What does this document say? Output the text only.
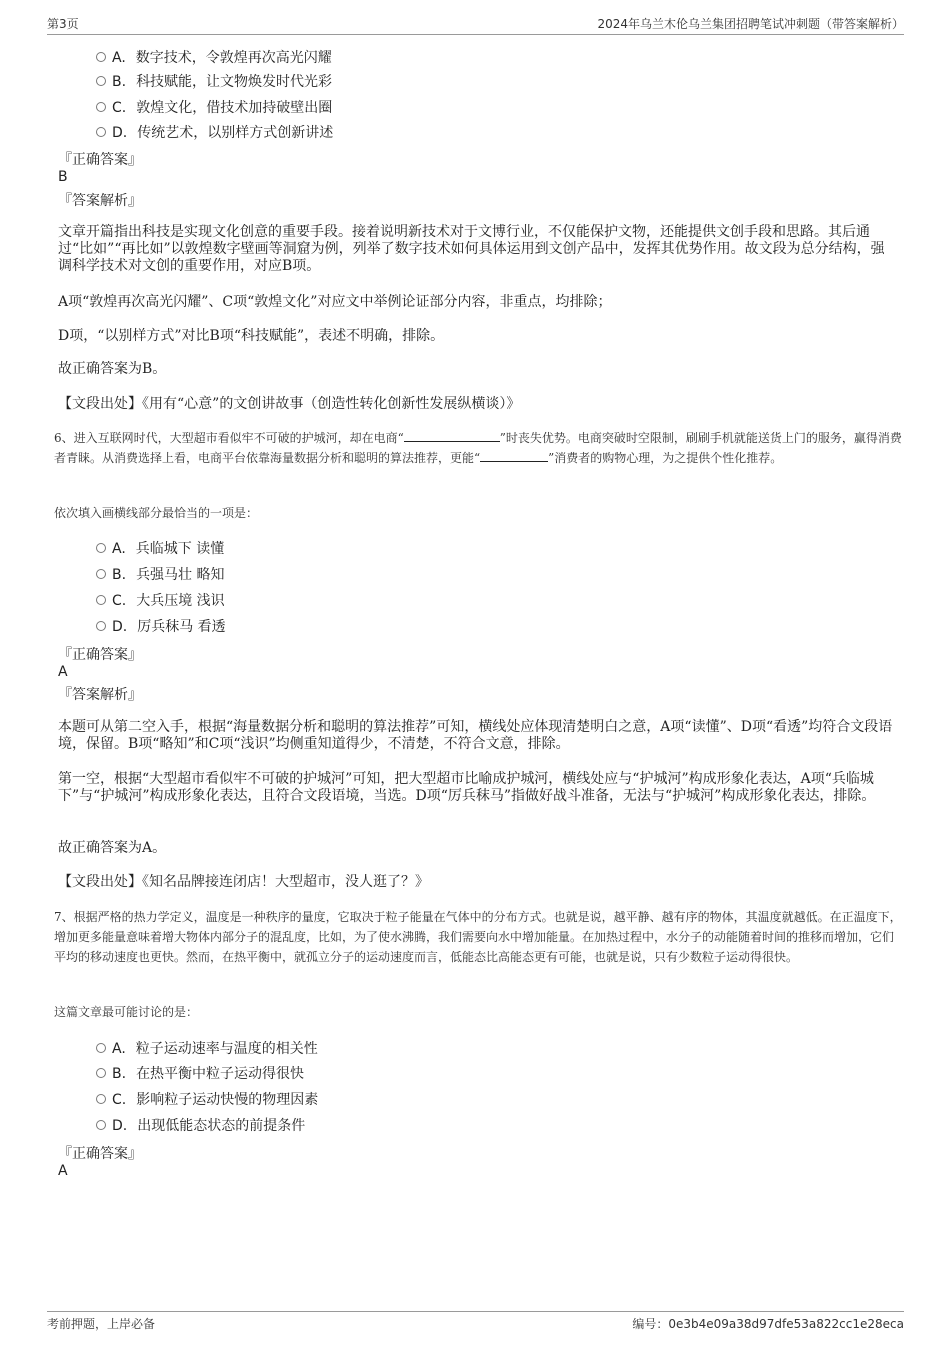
第3页	2024年乌兰木伦乌兰集团招聘笔试冲刺题（带答案解析）
A. 数字技术，令敦煌再次高光闪耀
B. 科技赋能，让文物焕发时代光彩
C. 敦煌文化，借技术加持破壁出圈
D. 传统艺术，以别样方式创新讲述
『正确答案』
B
『答案解析』
文章开篇指出科技是实现文化创意的重要手段。接着说明新技术对于文博行业，不仅能保护文物，还能提供文创手段和思路。其后通过“比如”“再比如”以敦煌数字壁画等洞窟为例，列举了数字技术如何具体运用到文创产品中，发挥其优势作用。故文段为总分结构，强调科学技术对文创的重要作用，对应B项。
A项“敦煌再次高光闪耀”、C项“敦煌文化”对应文中举例论证部分内容，非重点，均排除；
D项，“以别样方式”对比B项“科技赋能”，表述不明确，排除。
故正确答案为B。
【文段出处】《用有“心意”的文创讲故事（创造性转化创新性发展纵横谈）》
6、进入互联网时代，大型超市看似牢不可破的护城河，却在电商“	”时丧失优势。电商突破时空限制，刷刷手机就能送货上门的服务，赢得消费者青睐。从消费选择上看，电商平台依靠海量数据分析和聪明的算法推荐，更能“	”消费者的购物心理，为之提供个性化推荐。
依次填入画横线部分最恰当的一项是：
A. 兵临城下 读懂
B. 兵强马壮 略知
C. 大兵压境 浅识
D. 厉兵秣马 看透
『正确答案』
A
『答案解析』
本题可从第二空入手，根据“海量数据分析和聪明的算法推荐”可知，横线处应体现清楚明白之意，A项“读懂”、D项“看透”均符合文段语境，保留。B项“略知”和C项“浅识”均侧重知道得少，不清楚，不符合文意，排除。
第一空，根据“大型超市看似牢不可破的护城河”可知，把大型超市比喻成护城河，横线处应与“护城河”构成形象化表达，A项“兵临城下”与“护城河”构成形象化表达，且符合文段语境，当选。D项“厉兵秣马”指做好战斗准备，无法与“护城河”构成形象化表达，排除。
故正确答案为A。
【文段出处】《知名品牌接连闭店！大型超市，没人逛了？》
7、根据严格的热力学定义，温度是一种秩序的量度，它取决于粒子能量在气体中的分布方式。也就是说，越平静、越有序的物体，其温度就越低。在正温度下，增加更多能量意味着增大物体内部分子的混乱度，比如，为了使水沸腾，我们需要向水中增加能量。在加热过程中，水分子的动能随着时间的推移而增加，它们平均的移动速度也更快。然而，在热平衡中，就孤立分子的运动速度而言，低能态比高能态更有可能，也就是说，只有少数粒子运动得很快。
这篇文章最可能讨论的是：
A. 粒子运动速率与温度的相关性
B. 在热平衡中粒子运动得很快
C. 影响粒子运动快慢的物理因素
D. 出现低能态状态的前提条件
『正确答案』
A
考前押题，上岸必备	编号：0e3b4e09a38d97dfe53a822cc1e28eca
